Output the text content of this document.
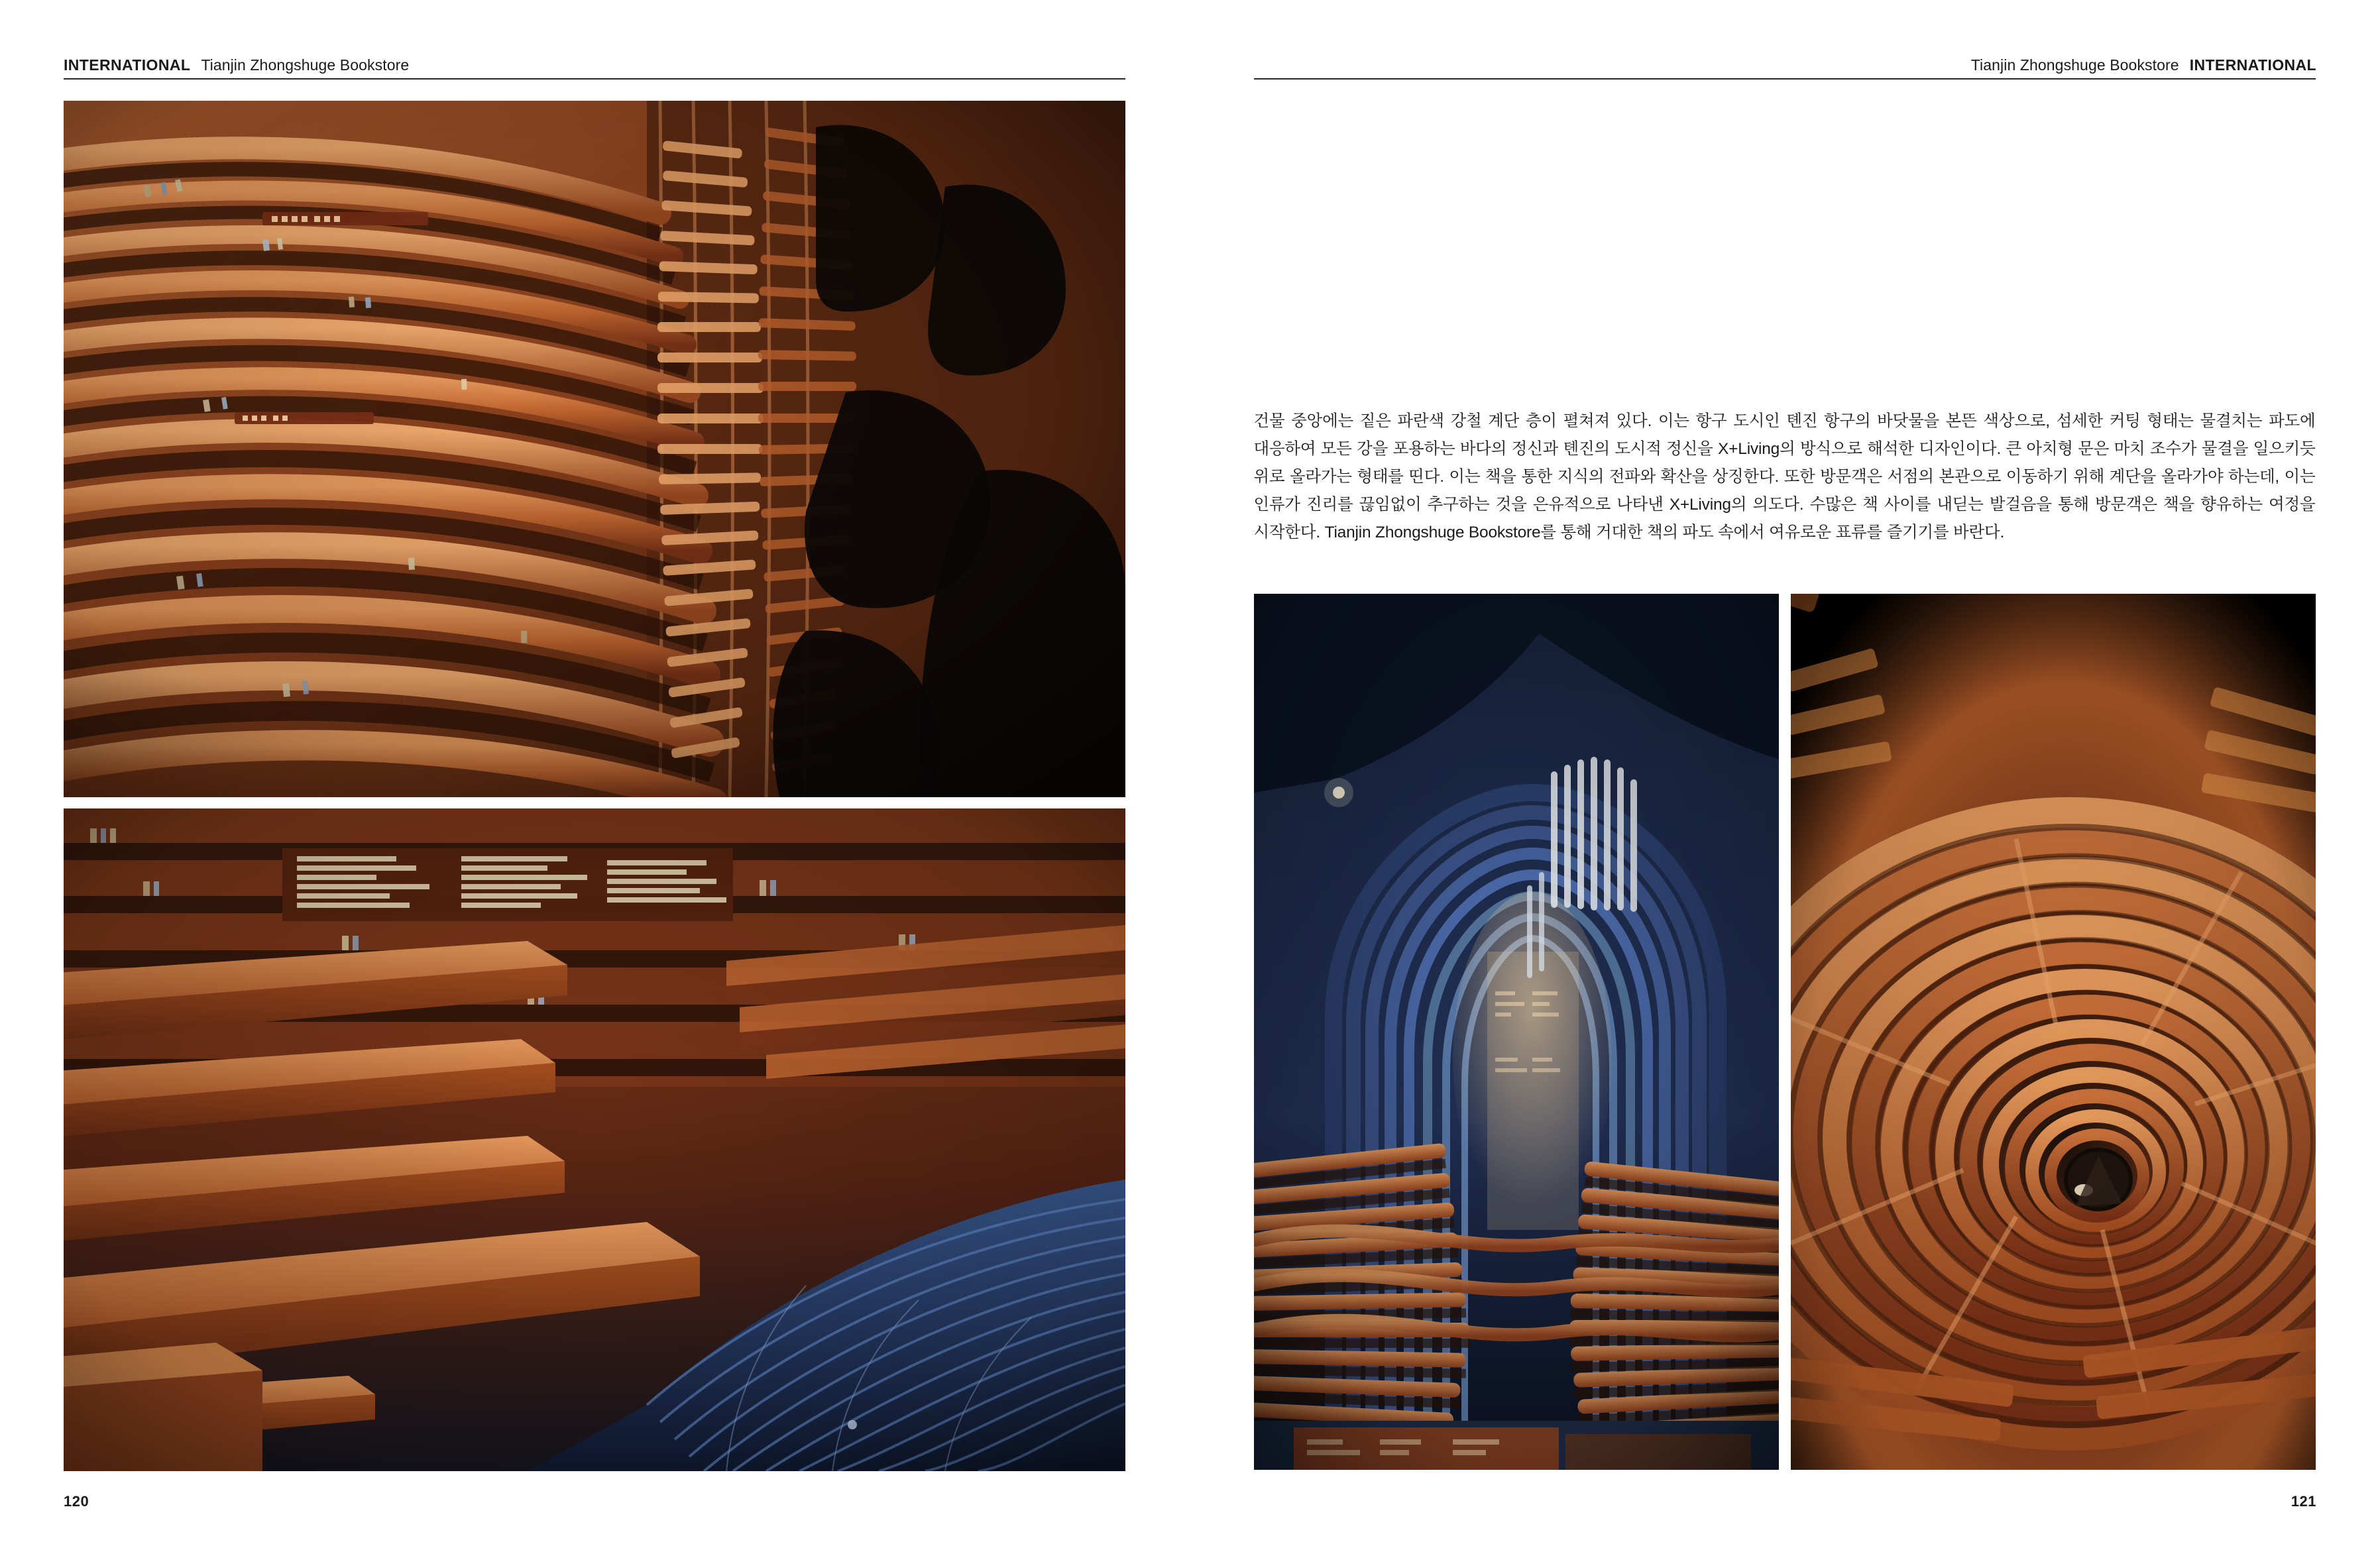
INTERNATIONAL Tianjin Zhongshuge Bookstore
120
Tianjin Zhongshuge Bookstore INTERNATIONAL

건물 중앙에는 짙은 파란색 강철 계단 층이 펼쳐져 있다. 이는 항구 도시인 톈진 항구의 바닷물을 본뜬 색상으로, 섬세한 커팅 형태는 물결치는 파도에 대응하여 모든 강을 포용하는 바다의 정신과 톈진의 도시적 정신을 X+Living의 방식으로 해석한 디자인이다. 큰 아치형 문은 마치 조수가 물결을 일으키듯 위로 올라가는 형태를 띤다. 이는 책을 통한 지식의 전파와 확산을 상징한다. 또한 방문객은 서점의 본관으로 이동하기 위해 계단을 올라가야 하는데, 이는 인류가 진리를 끊임없이 추구하는 것을 은유적으로 나타낸 X+Living의 의도다. 수많은 책 사이를 내딛는 발걸음을 통해 방문객은 책을 향유하는 여정을 시작한다. Tianjin Zhongshuge Bookstore를 통해 거대한 책의 파도 속에서 여유로운 표류를 즐기기를 바란다.

121
